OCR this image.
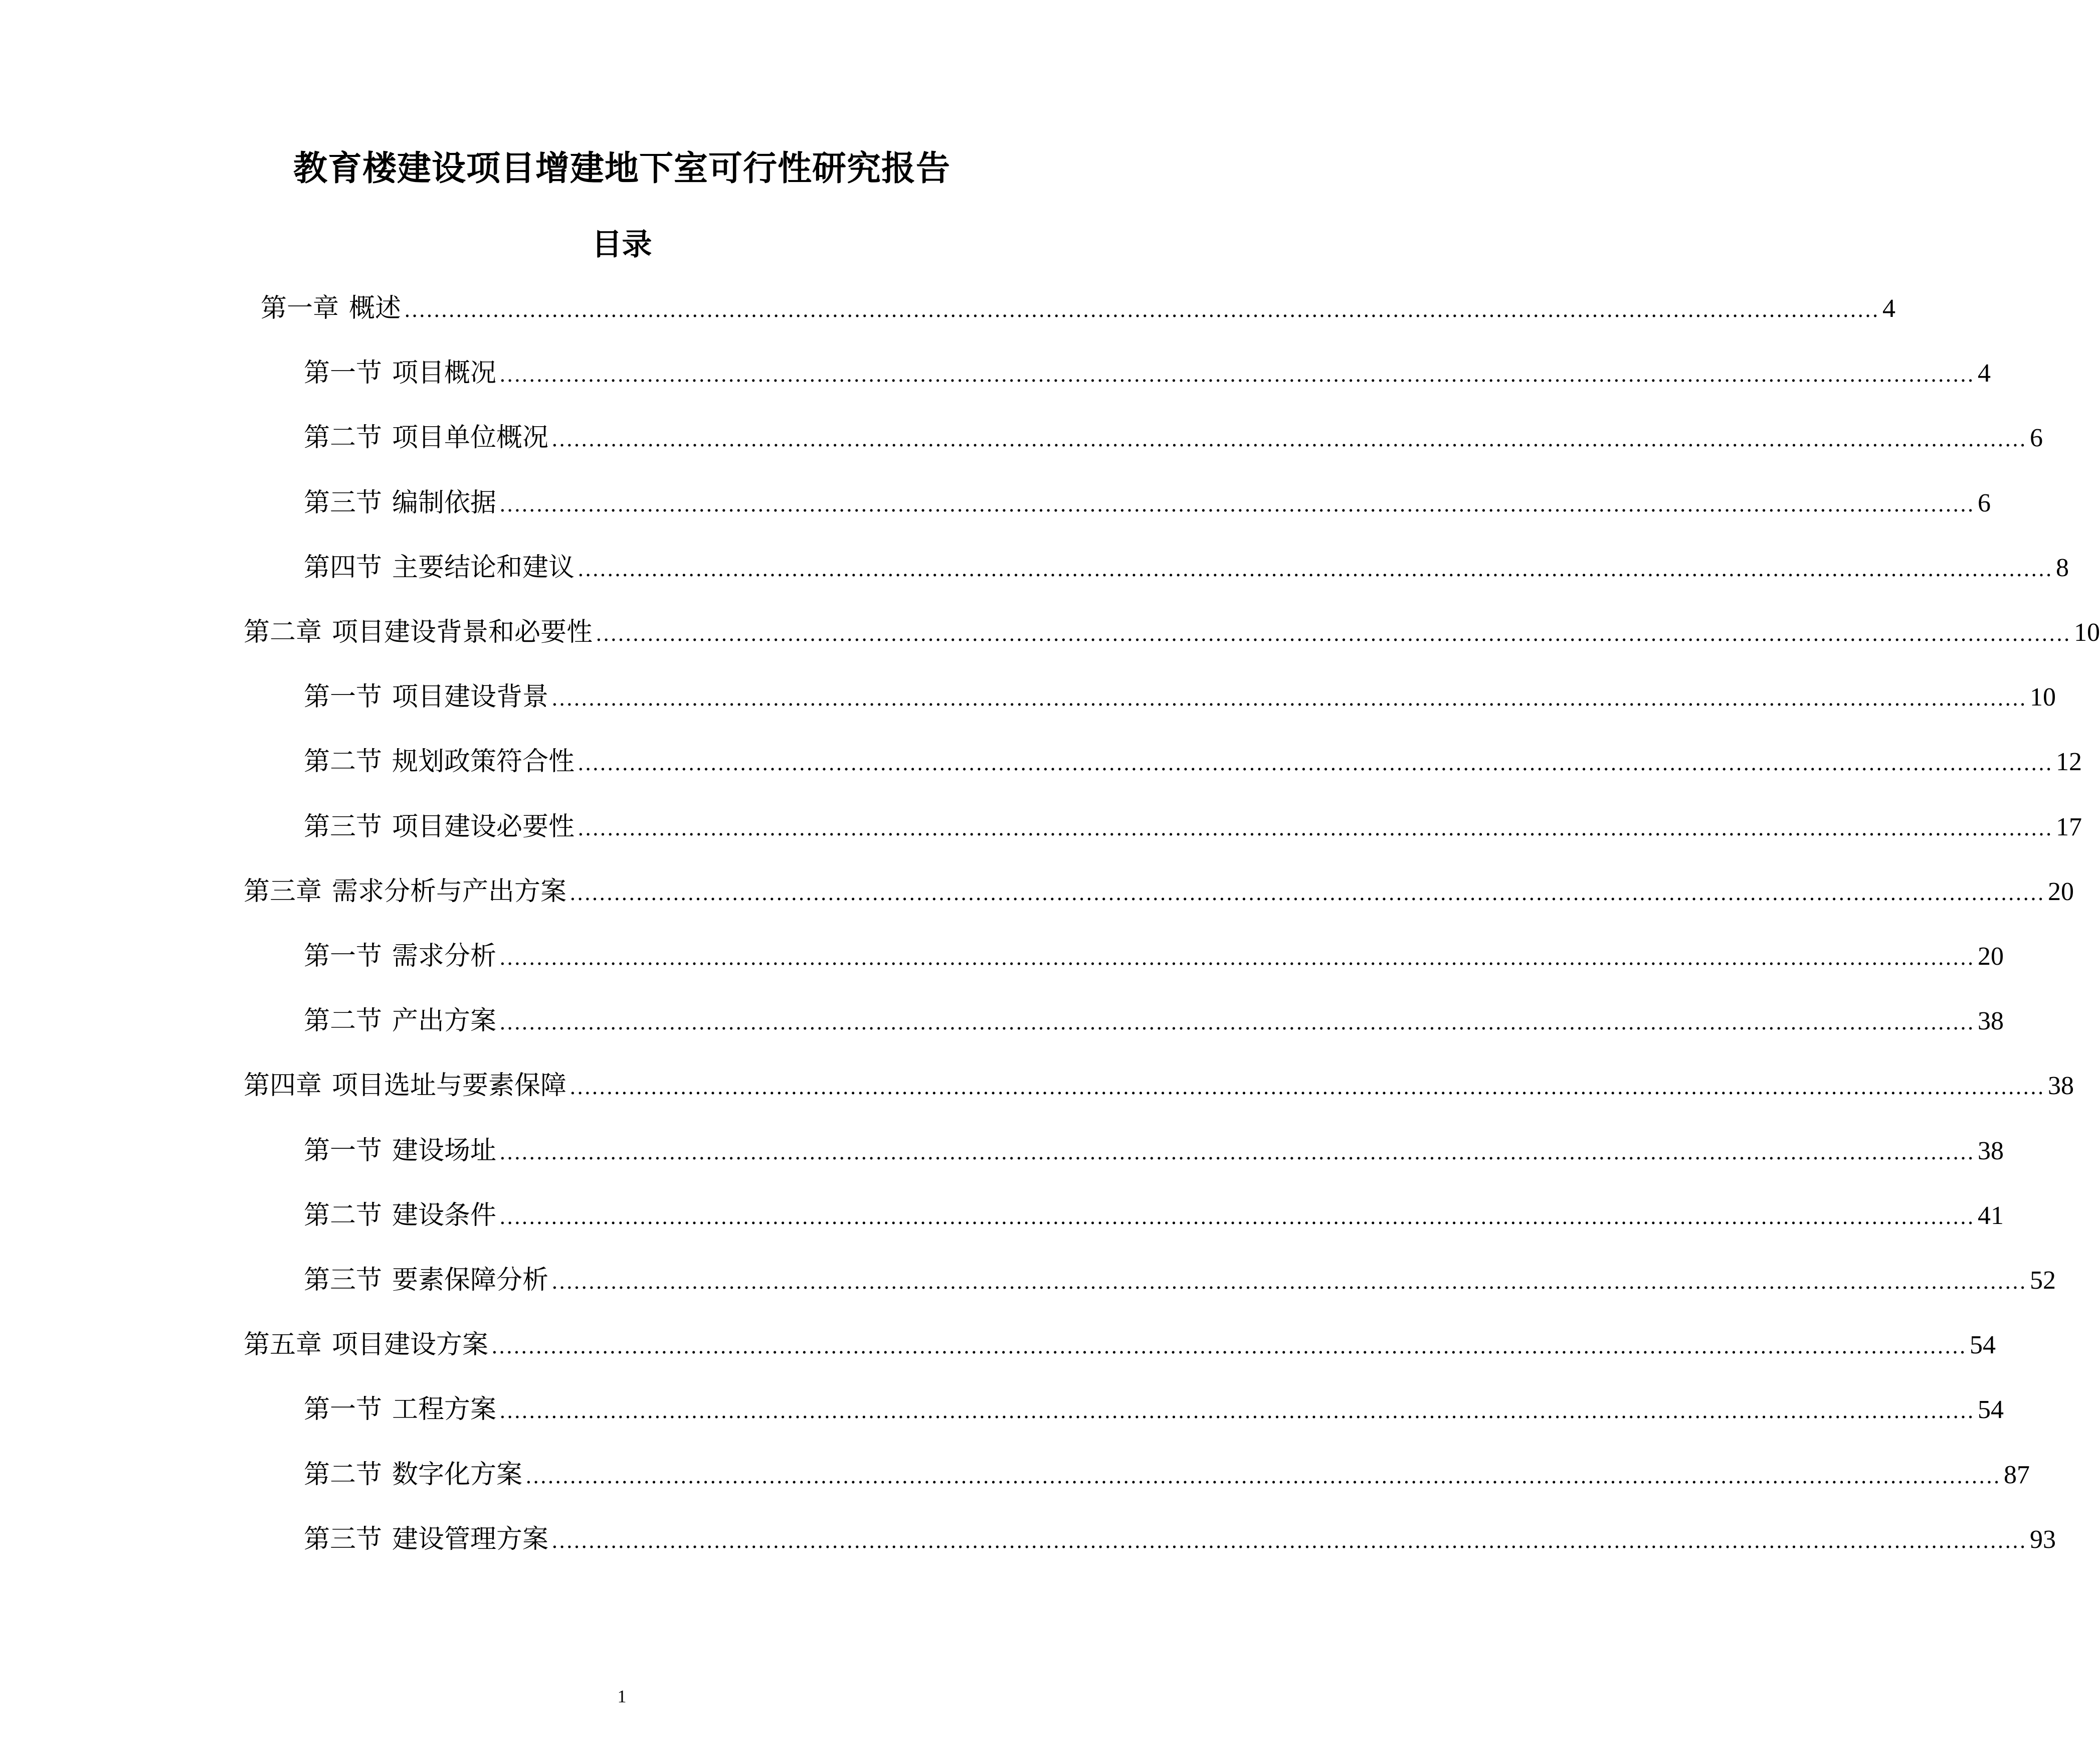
教育楼建设项目增建地下室可行性研究报告
目录
第一章 概述 ........................................................................................................................................................................................................ 4
第一节 项目概况 ........................................................................................................................................................................................................ 4
第二节 项目单位概况 ........................................................................................................................................................................................................ 6
第三节 编制依据 ........................................................................................................................................................................................................ 6
第四节 主要结论和建议 ........................................................................................................................................................................................................ 8
第二章 项目建设背景和必要性 ........................................................................................................................................................................................................ 10
第一节 项目建设背景 ........................................................................................................................................................................................................ 10
第二节 规划政策符合性 ........................................................................................................................................................................................................ 12
第三节 项目建设必要性 ........................................................................................................................................................................................................ 17
第三章 需求分析与产出方案 ........................................................................................................................................................................................................ 20
第一节 需求分析 ........................................................................................................................................................................................................ 20
第二节 产出方案 ........................................................................................................................................................................................................ 38
第四章 项目选址与要素保障 ........................................................................................................................................................................................................ 38
第一节 建设场址 ........................................................................................................................................................................................................ 38
第二节 建设条件 ........................................................................................................................................................................................................ 41
第三节 要素保障分析 ........................................................................................................................................................................................................ 52
第五章 项目建设方案 ........................................................................................................................................................................................................ 54
第一节 工程方案 ........................................................................................................................................................................................................ 54
第二节 数字化方案 ........................................................................................................................................................................................................ 87
第三节 建设管理方案 ........................................................................................................................................................................................................ 93
1
